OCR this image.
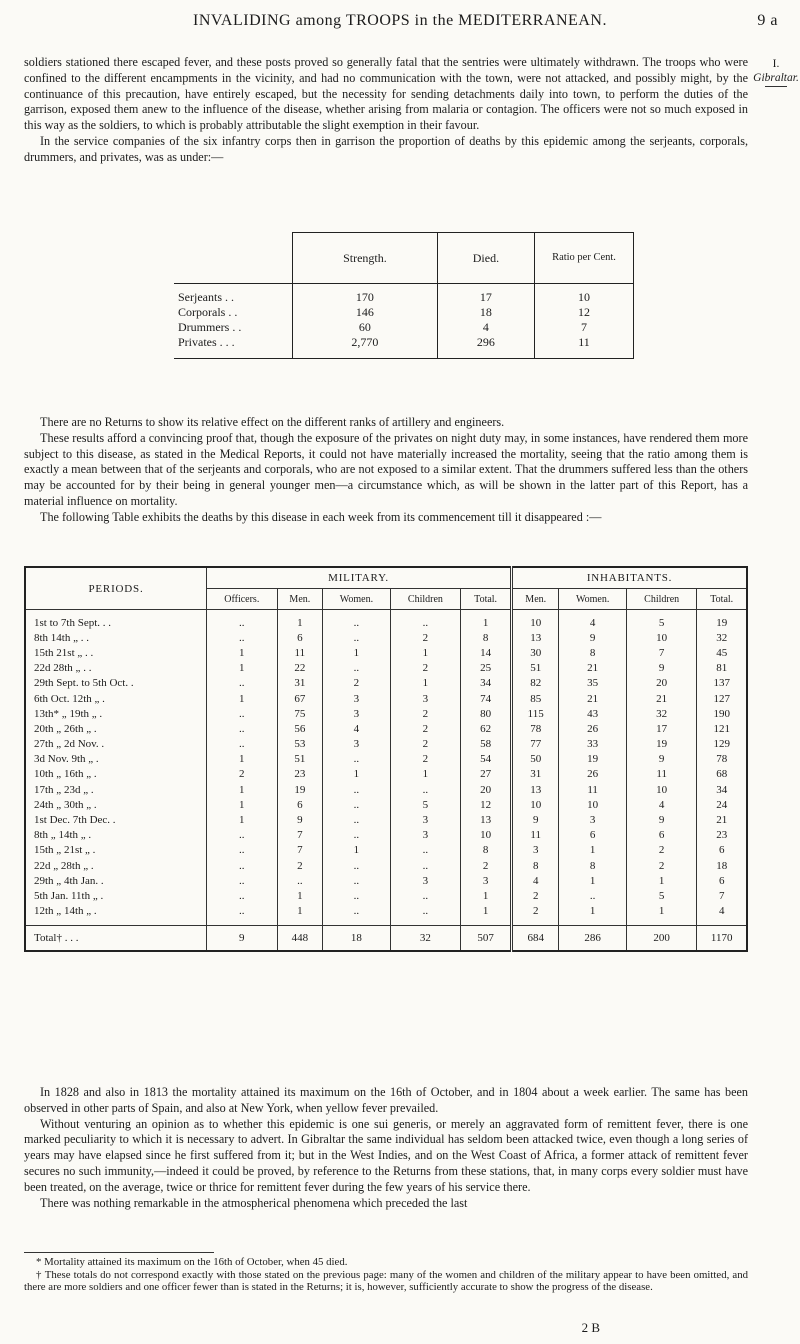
INVALIDING among TROOPS in the MEDITERRANEAN.	9 a
I.
Gibraltar.

soldiers stationed there escaped fever, and these posts proved so generally fatal that the sentries were ultimately withdrawn. The troops who were confined to the different encampments in the vicinity, and had no communication with the town, were not attacked, and possibly might, by the continuance of this precaution, have entirely escaped, but the necessity for sending detachments daily into town, to perform the duties of the garrison, exposed them anew to the influence of the disease, whether arising from malaria or contagion. The officers were not so much exposed in this way as the soldiers, to which is probably attributable the slight exemption in their favour.

In the service companies of the six infantry corps then in garrison the proportion of deaths by this epidemic among the serjeants, corporals, drummers, and privates, was as under:—

	Strength.	Died.	Ratio per Cent.
Serjeants . .	170	17	10
Corporals . .	146	18	12
Drummers . .	60	4	7
Privates . . .	2,770	296	11

There are no Returns to show its relative effect on the different ranks of artillery and engineers.

These results afford a convincing proof that, though the exposure of the privates on night duty may, in some instances, have rendered them more subject to this disease, as stated in the Medical Reports, it could not have materially increased the mortality, seeing that the ratio among them is exactly a mean between that of the serjeants and corporals, who are not exposed to a similar extent. That the drummers suffered less than the others may be accounted for by their being in general younger men—a circumstance which, as will be shown in the latter part of this Report, has a material influence on mortality.

The following Table exhibits the deaths by this disease in each week from its commencement till it disappeared :—

PERIODS.	MILITARY.					INHABITANTS.			
	Officers.	Men.	Women.	Children	Total.	Men.	Women.	Children	Total.
1st to 7th Sept. . .	..	1	..	..	1	10	4	5	19
8th 14th „ . .	..	6	..	2	8	13	9	10	32
15th 21st „ . .	1	11	1	1	14	30	8	7	45
22d 28th „ . .	1	22	..	2	25	51	21	9	81
29th Sept. to 5th Oct. .	..	31	2	1	34	82	35	20	137
6th Oct. 12th „ .	1	67	3	3	74	85	21	21	127
13th* „ 19th „ .	..	75	3	2	80	115	43	32	190
20th „ 26th „ .	..	56	4	2	62	78	26	17	121
27th „ 2d Nov. .	..	53	3	2	58	77	33	19	129
3d Nov. 9th „ .	1	51	..	2	54	50	19	9	78
10th „ 16th „ .	2	23	1	1	27	31	26	11	68
17th „ 23d „ .	1	19	..	..	20	13	11	10	34
24th „ 30th „ .	1	6	..	5	12	10	10	4	24
1st Dec. 7th Dec. .	1	9	..	3	13	9	3	9	21
8th „ 14th „ .	..	7	..	3	10	11	6	6	23
15th „ 21st „ .	..	7	1	..	8	3	1	2	6
22d „ 28th „ .	..	2	..	..	2	8	8	2	18
29th „ 4th Jan. .	..	..	..	3	3	4	1	1	6
5th Jan. 11th „ .	..	1	..	..	1	2	..	5	7
12th „ 14th „ .	..	1	..	..	1	2	1	1	4

Total† . . .	9	448	18	32	507	684	286	200	1170

In 1828 and also in 1813 the mortality attained its maximum on the 16th of October, and in 1804 about a week earlier. The same has been observed in other parts of Spain, and also at New York, when yellow fever prevailed.

Without venturing an opinion as to whether this epidemic is one sui generis, or merely an aggravated form of remittent fever, there is one marked peculiarity to which it is necessary to advert. In Gibraltar the same individual has seldom been attacked twice, even though a long series of years may have elapsed since he first suffered from it; but in the West Indies, and on the West Coast of Africa, a former attack of remittent fever secures no such immunity,—indeed it could be proved, by reference to the Returns from these stations, that, in many corps every soldier must have been treated, on the average, twice or thrice for remittent fever during the few years of his service there.

There was nothing remarkable in the atmospherical phenomena which preceded the last

* Mortality attained its maximum on the 16th of October, when 45 died.

† These totals do not correspond exactly with those stated on the previous page: many of the women and children of the military appear to have been omitted, and there are more soldiers and one officer fewer than is stated in the Returns; it is, however, sufficiently accurate to show the progress of the disease.

2 B
